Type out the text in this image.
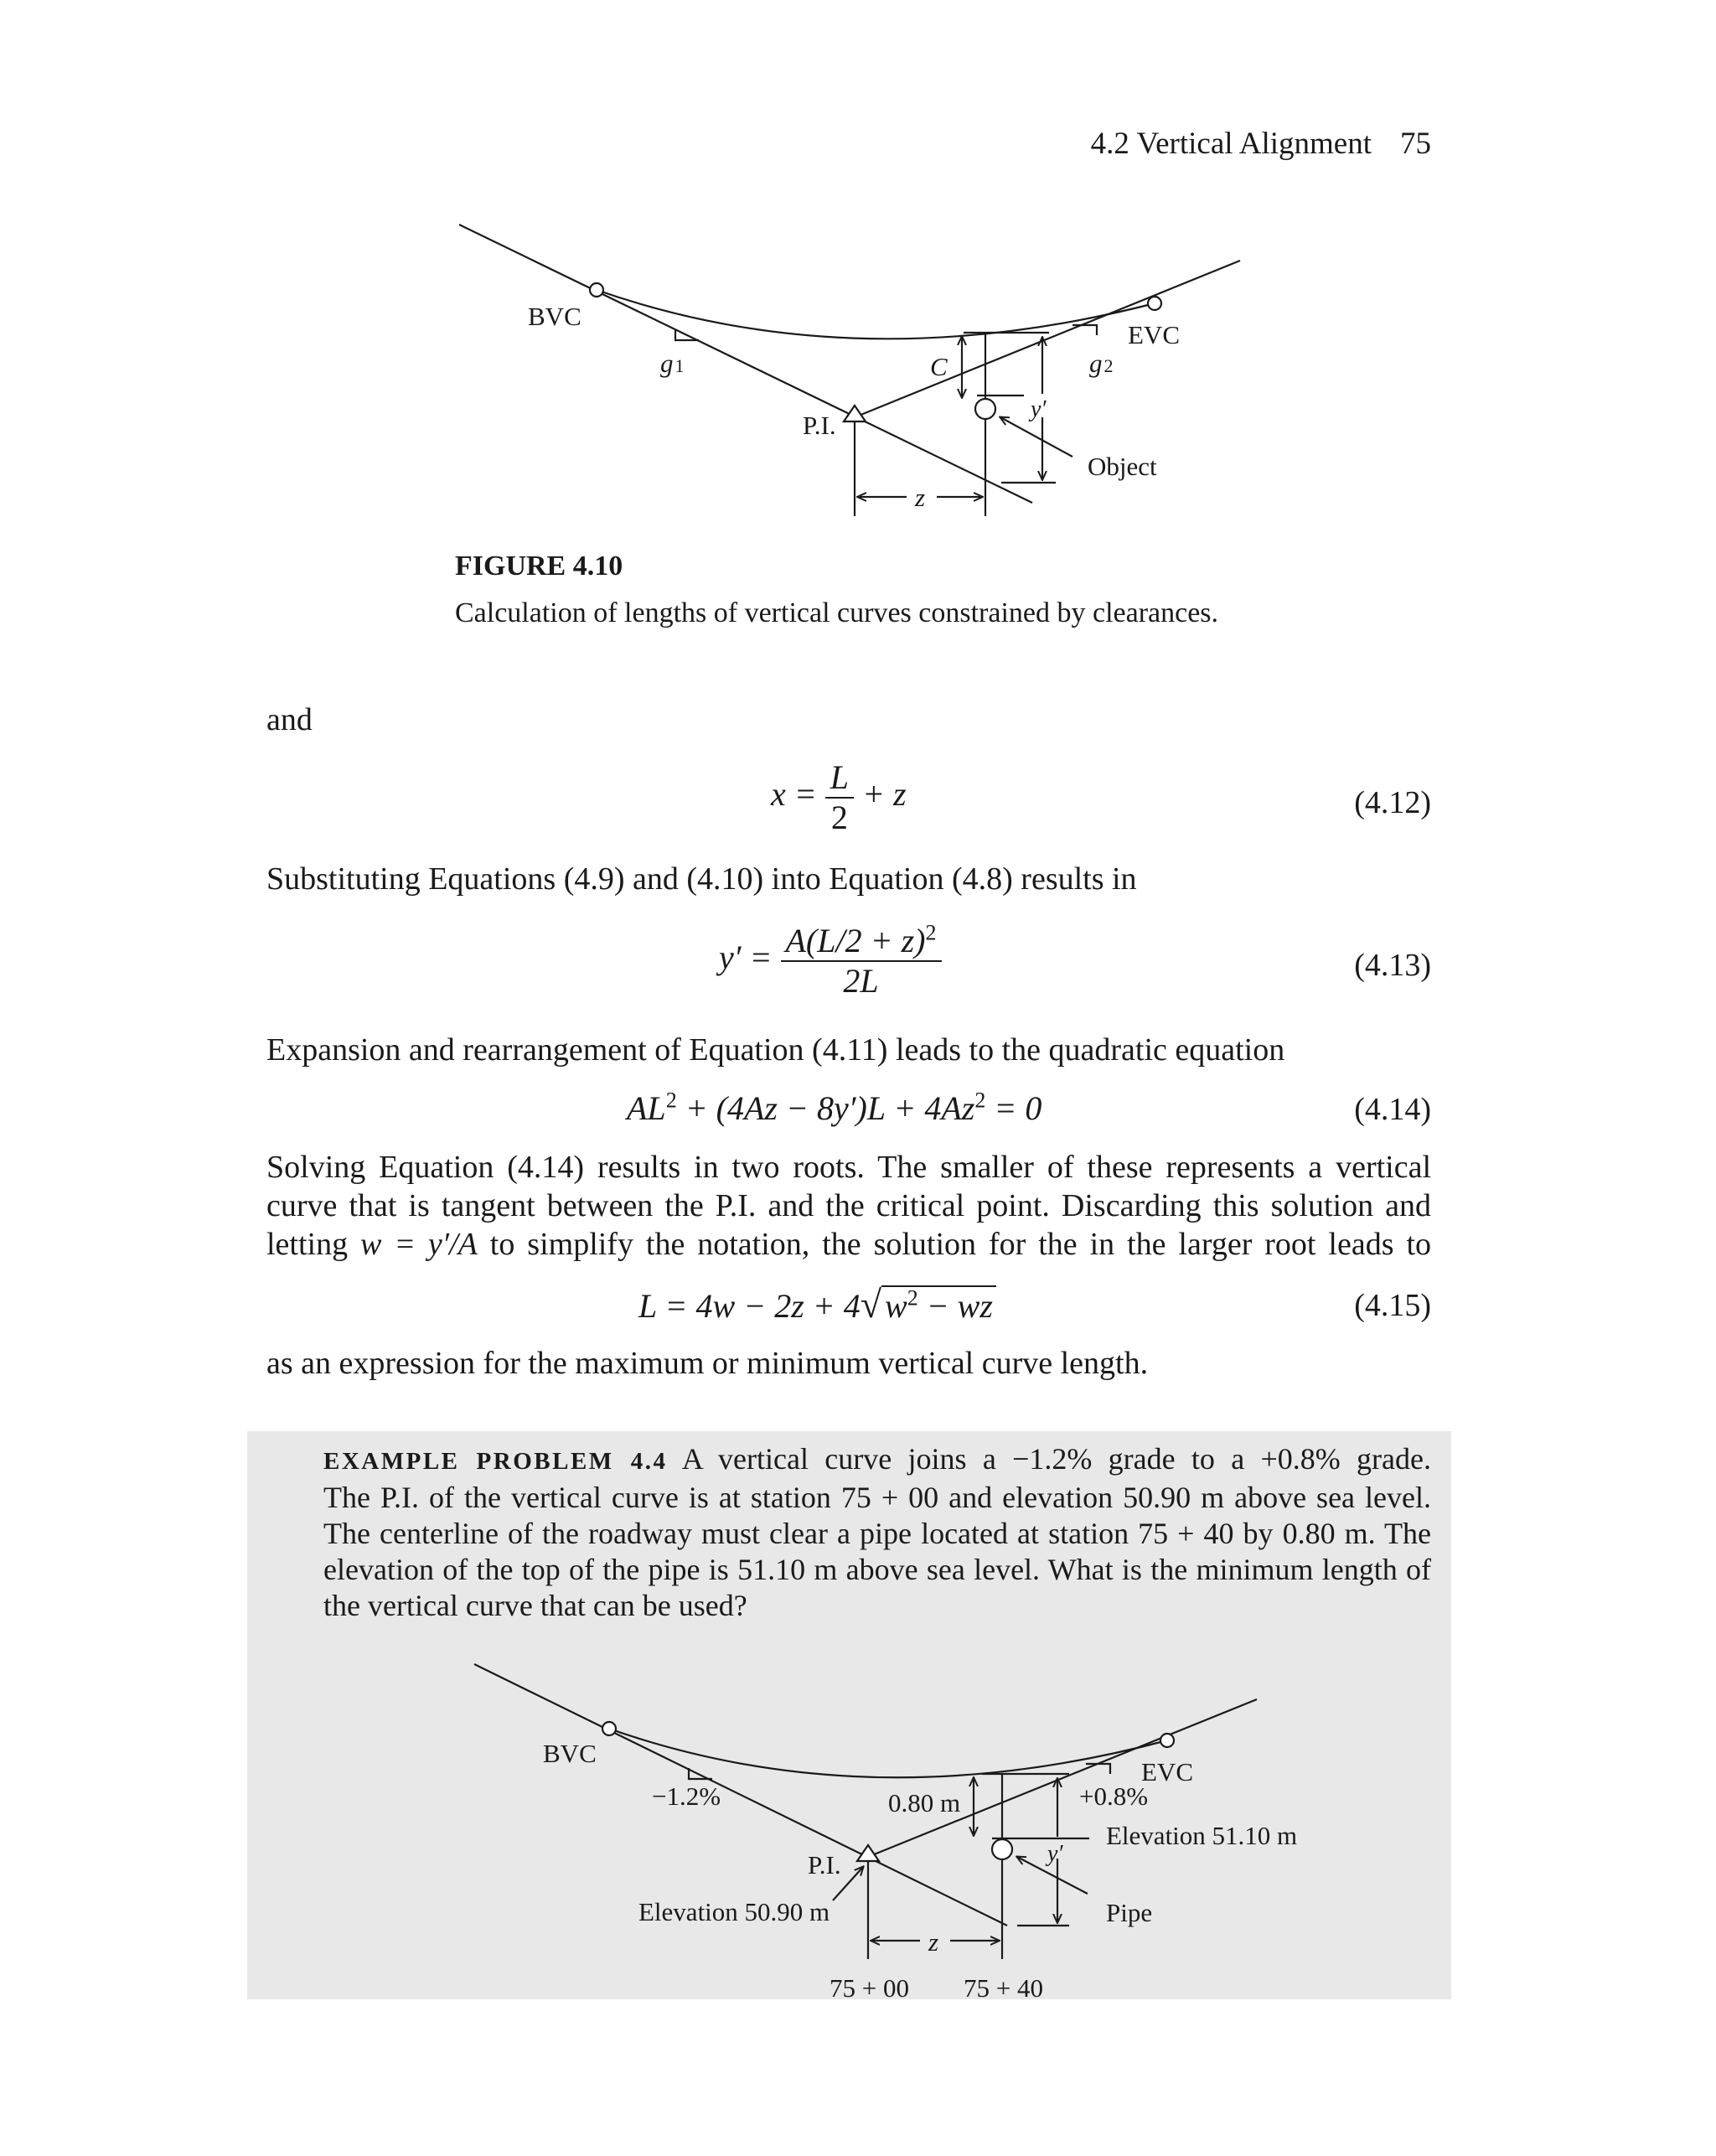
4.2 Vertical Alignment 75
BVC
EVC
g1	g2
C
P.I.
y′
Object
z
BVC
EVC
−1.2%	+0.8%
0.80 m
Elevation 51.10 m
P.I.	y′
Elevation 50.90 m	Pipe
z
75 + 00 75 + 40
FIGURE 4.10
Calculation of lengths of vertical curves constrained by clearances.
and
$x = \frac{L}{2} + z$	(4.12)
Substituting Equations (4.9) and (4.10) into Equation (4.8) results in
$y' = \frac{A(L/2 + z)^2}{2L}$	(4.13)
Expansion and rearrangement of Equation (4.11) leads to the quadratic equation
$AL^2 + (4Az - 8y')L + 4Az^2 = 0$	(4.14)
Solving Equation (4.14) results in two roots. The smaller of these represents a vertical
curve that is tangent between the P.I. and the critical point. Discarding this solution and
letting w = y′/A to simplify the notation, the solution for the in the larger root leads to
L = 4w − 2z + 4√ $w^2$ − wz	(4.15)
as an expression for the maximum or minimum vertical curve length.
EXAMPLE PROBLEM 4.4 A vertical curve joins a −1.2% grade to a +0.8% grade.
The P.I. of the vertical curve is at station 75 + 00 and elevation 50.90 m above sea level.
The centerline of the roadway must clear a pipe located at station 75 + 40 by 0.80 m. The
elevation of the top of the pipe is 51.10 m above sea level. What is the minimum length of
the vertical curve that can be used?
